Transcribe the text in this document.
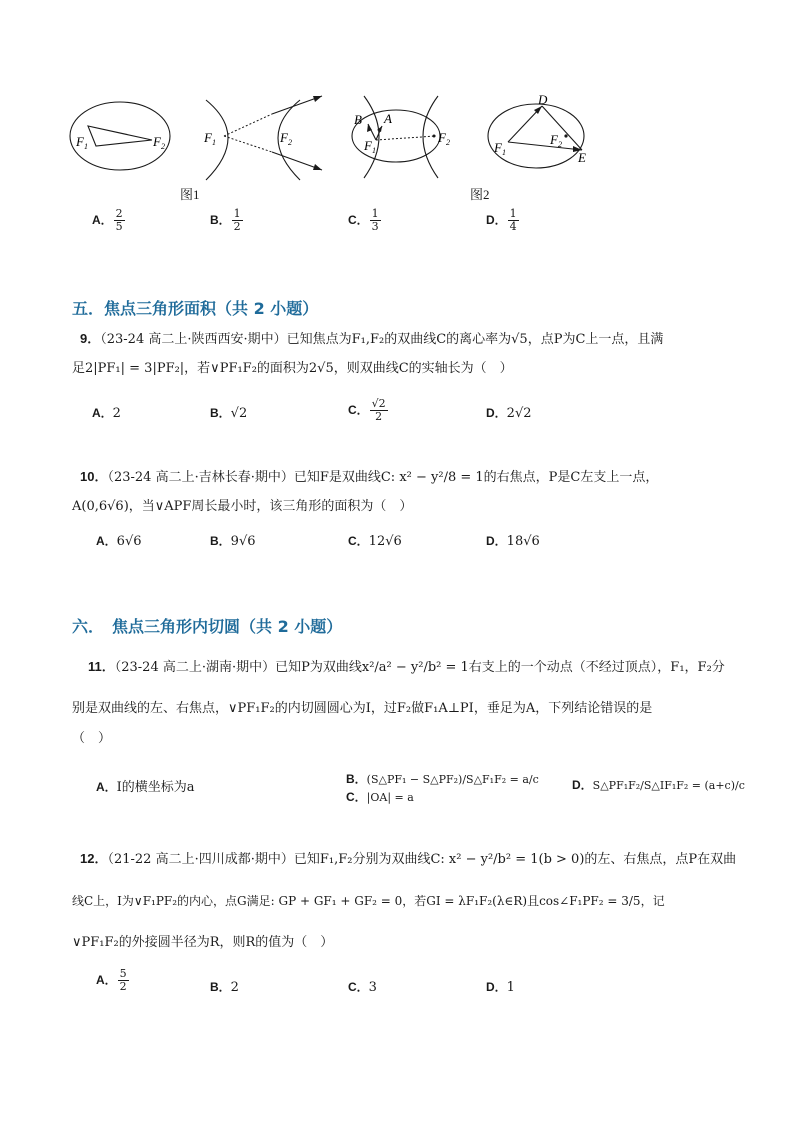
$F_1$	$F_2$
$F_1$	$F_2$
B A
$F_1$
$F_2$
D
$F_1$
$F_2$
E
图1	图2
A． $\frac{2}{5}$	B． $\frac{1}{2}$	C． $\frac{1}{3}$	D． $\frac{1}{4}$
五．焦点三角形面积（共 2 小题）
9．（23-24 高二上·陕西西安·期中）已知焦点为F₁,F₂的双曲线C的离心率为√5，点P为C上一点，且满
足2|PF₁| = 3|PF₂|，若∨PF₁F₂的面积为2√5，则双曲线C的实轴长为（　）
A．2	B．√2	C． $\frac{√2}{2}$	D．2√2
10．（23-24 高二上·吉林长春·期中）已知F是双曲线C: x² − y²/8 = 1的右焦点，P是C左支上一点，
A(0,6√6)，当∨APF周长最小时，该三角形的面积为（　）
A．6√6	B．9√6	C．12√6	D．18√6
六．　焦点三角形内切圆（共 2 小题）
11．（23-24 高二上·湖南·期中）已知P为双曲线x²/a² − y²/b² = 1右支上的一个动点（不经过顶点），F₁，F₂分
别是双曲线的左、右焦点，∨PF₁F₂的内切圆圆心为I，过F₂做F₁A⊥PI，垂足为A，下列结论错误的是
（　）
A．I的横坐标为a
B．(S△PF₁ − S△PF₂)/S△F₁F₂ = a/c
C．|OA| = a
D．S△PF₁F₂/S△IF₁F₂ = (a+c)/c
12．（21-22 高二上·四川成都·期中）已知F₁,F₂分别为双曲线C: x² − y²/b² = 1(b > 0)的左、右焦点，点P在双曲
线C上，I为∨F₁PF₂的内心，点G满足: GP + GF₁ + GF₂ = 0，若GI = λF₁F₂(λ∈R)且cos∠F₁PF₂ = 3/5，记
∨PF₁F₂的外接圆半径为R，则R的值为（　）
A． $\frac{5}{2}$	B．2	C．3	D．1
